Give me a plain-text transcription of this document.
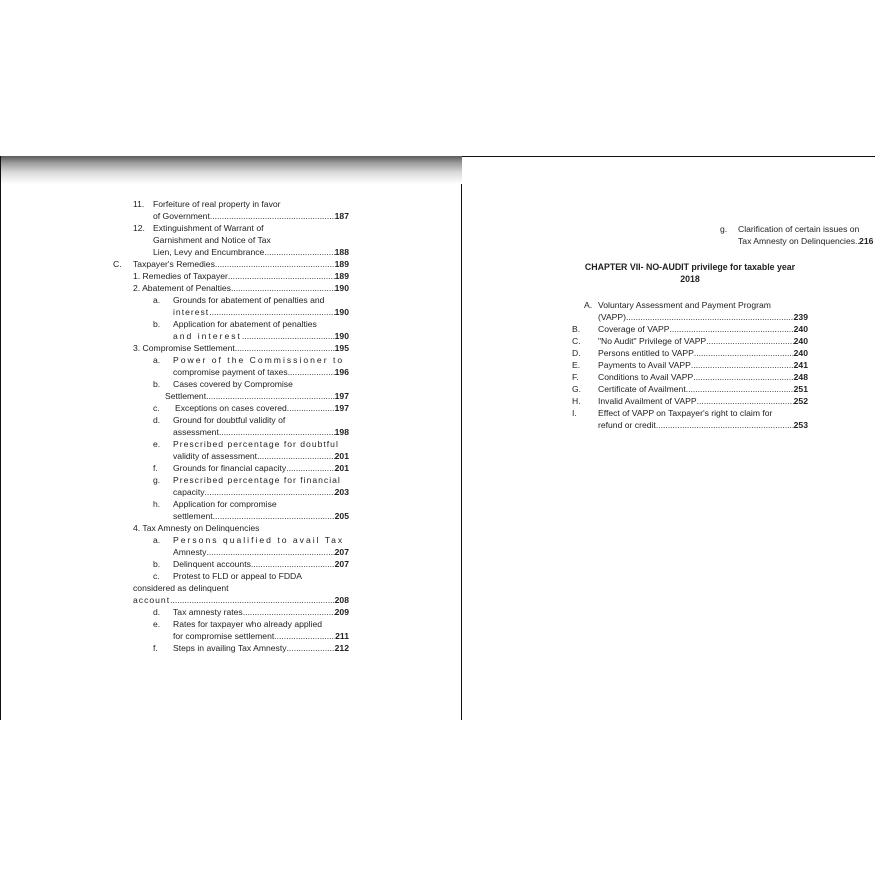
11. Forfeiture of real property in favor
of Government .....	187
12. Extinguishment of Warrant of
Garnishment and Notice of Tax
Lien, Levy and Encumbrance .....	188
C.	Taxpayer's Remedies .....	189
1. Remedies of Taxpayer .....	189
2. Abatement of Penalties .....	190
a. Grounds for abatement of penalties and
interest .....	190
b. Application for abatement of penalties
and interest .....	190
3. Compromise Settlement .....	195
a. Power of the Commissioner to
compromise payment of taxes .....	196
b. Cases covered by Compromise
Settlement .....	197
c.	Exceptions on cases covered .....	197
d. Ground for doubtful validity of
assessment .....	198
e. Prescribed percentage for doubtful
validity of assessment .....	201
f.	Grounds for financial capacity .....	201
g. Prescribed percentage for financial
capacity .....	203
h. Application for compromise
settlement .....	205
4. Tax Amnesty on Delinquencies
a. Persons qualified to avail Tax
Amnesty .....	207
b.	Delinquent accounts .....	207
c. Protest to FLD or appeal to FDDA
considered as delinquent
account .....	208
d.	Tax amnesty rates .....	209
e. Rates for taxpayer who already applied
for compromise settlement .....	211
f.	Steps in availing Tax Amnesty .....	212
g. Clarification of certain issues on
Tax Amnesty on Delinquencies ..... 216
CHAPTER VII- NO-AUDIT privilege for taxable year
2018
A. Voluntary Assessment and Payment Program
(VAPP) .....	239
B.	Coverage of VAPP .....	240
C.	"No Audit" Privilege of VAPP .....	240
D.	Persons entitled to VAPP .....	240
E.	Payments to Avail VAPP .....	241
F.	Conditions to Avail VAPP .....	248
G.	Certificate of Availment .....	251
H.	Invalid Availment of VAPP .....	252
I. Effect of VAPP on Taxpayer's right to claim for
refund or credit .....	253
